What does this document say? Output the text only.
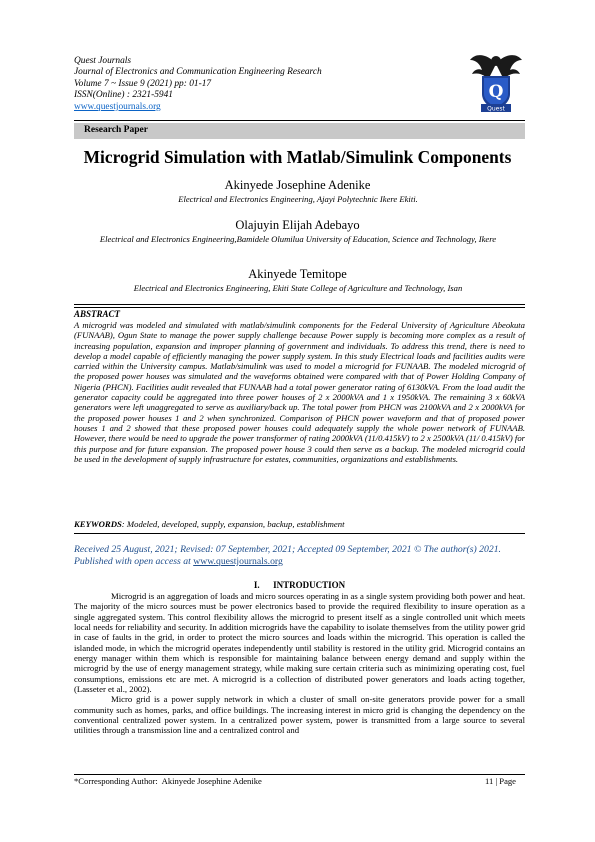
Quest Journals
Journal of Electronics and Communication Engineering Research
Volume 7 ~ Issue 9 (2021) pp: 01-17
ISSN(Online) : 2321-5941
www.questjournals.org
Q
Quest
Research Paper
Microgrid Simulation with Matlab/Simulink Components
Akinyede Josephine Adenike
Electrical and Electronics Engineering, Ajayi Polytechnic Ikere Ekiti.
Olajuyin Elijah Adebayo
Electrical and Electronics Engineering,Bamidele Olumilua University of Education, Science and Technology, Ikere
Akinyede Temitope
Electrical and Electronics Engineering, Ekiti State College of Agriculture and Technology, Isan
ABSTRACT
A microgrid was modeled and simulated with matlab/simulink components for the Federal University of Agriculture Abeokuta (FUNAAB), Ogun State to manage the power supply challenge because Power supply is becoming more complex as a result of increasing population, expansion and improper planning of government and individuals. To address this trend, there is need to develop a model capable of efficiently managing the power supply system. In this study Electrical loads and facilities audits were carried within the University campus. Matlab/simulink was used to model a microgrid for FUNAAB. The modeled microgrid of the proposed power houses was simulated and the waveforms obtained were compared with that of Power Holding Company of Nigeria (PHCN). Facilities audit revealed that FUNAAB had a total power generator rating of 6130kVA. From the load audit the generator capacity could be aggregated into three power houses of 2 x 2000kVA and 1 x 1950kVA. The remaining 3 x 60kVA generators were left unaggregated to serve as auxiliary/back up. The total power from PHCN was 2100kVA and 2 x 2000kVA for the proposed power houses 1 and 2 when synchronized. Comparison of PHCN power waveform and that of proposed power houses 1 and 2 showed that these proposed power houses could adequately supply the whole power network of FUNAAB. However, there would be need to upgrade the power transformer of rating 2000kVA (11/0.415kV) to 2 x 2500kVA (11/ 0.415kV) for this purpose and for future expansion. The proposed power house 3 could then serve as a backup. The modeled microgrid could be used in the development of supply infrastructure for estates, communities, organizations and establishments.
KEYWORDS: Modeled, developed, supply, expansion, backup, establishment
Received 25 August, 2021; Revised: 07 September, 2021; Accepted 09 September, 2021 © The author(s) 2021. Published with open access at www.questjournals.org
I.      INTRODUCTION

Microgrid is an aggregation of loads and micro sources operating in as a single system providing both power and heat. The majority of the micro sources must be power electronics based to provide the required flexibility to insure operation as a single aggregated system. This control flexibility allows the microgrid to present itself as a single controlled unit which meets local needs for reliability and security. In addition microgrids have the capability to isolate themselves from the utility power grid in case of faults in the grid, in order to protect the micro sources and loads within the microgrid. This operation is called the islanded mode, in which the microgrid operates independently until stability is restored in the utility grid. Microgrid contains an energy manager within them which is responsible for maintaining balance between energy demand and supply within the microgrid by the use of energy management strategy, while making sure certain criteria such as minimizing operating cost, fuel consumptions, emissions etc are met. A microgrid is a collection of distributed power generators and loads acting together, (Lasseter et al., 2002).

Micro grid is a power supply network in which a cluster of small on-site generators provide power for a small community such as homes, parks, and office buildings. The increasing interest in micro grid is changing the dependency on the conventional centralized power system. In a centralized power system, power is transmitted from a large source to several utilities through a transmission line and a centralized control and

*Corresponding Author:  Akinyede Josephine Adenike	11 | Page
